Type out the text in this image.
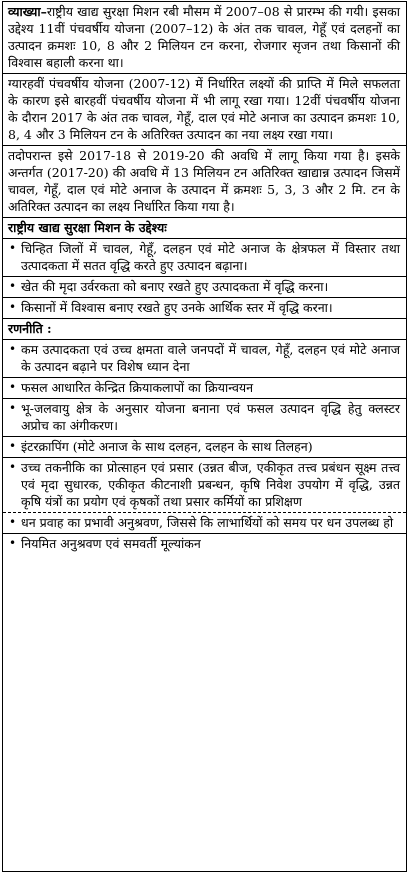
व्याख्या–राष्ट्रीय खाद्य सुरक्षा मिशन रबी मौसम में 2007–08 से प्रारम्भ की गयी। इसका उद्देश्य 11वीं पंचवर्षीय योजना (2007–12) के अंत तक चावल, गेहूँ एवं दलहनों का उत्पादन क्रमशः 10, 8 और 2 मिलियन टन करना, रोजगार सृजन तथा किसानों की विश्वास बहाली करना था।
ग्यारहवीं पंचवर्षीय योजना (2007-12) में निर्धारित लक्ष्यों की प्राप्ति में मिले सफलता के कारण इसे बारहवीं पंचवर्षीय योजना में भी लागू रखा गया। 12वीं पंचवर्षीय योजना के दौरान 2017 के अंत तक चावल, गेहूँ, दाल एवं मोटे अनाज का उत्पादन क्रमशः 10, 8, 4 और 3 मिलियन टन के अतिरिक्त उत्पादन का नया लक्ष्य रखा गया।
तदोपरान्त इसे 2017-18 से 2019-20 की अवधि में लागू किया गया है। इसके अन्तर्गत (2017-20) की अवधि में 13 मिलियन टन अतिरिक्त खाद्यान्न उत्पादन जिसमें चावल, गेहूँ, दाल एवं मोटे अनाज के उत्पादन में क्रमशः 5, 3, 3 और 2 मि. टन के अतिरिक्त उत्पादन का लक्ष्य निर्धारित किया गया है।
राष्ट्रीय खाद्य सुरक्षा मिशन के उद्देश्यः
• चिन्हित जिलों में चावल, गेहूँ, दलहन एवं मोटे अनाज के क्षेत्रफल में विस्तार तथा उत्पादकता में सतत वृद्धि करते हुए उत्पादन बढ़ाना।
• खेत की मृदा उर्वरकता को बनाए रखते हुए उत्पादकता में वृद्धि करना।
• किसानों में विश्वास बनाए रखते हुए उनके आर्थिक स्तर में वृद्धि करना।
रणनीति :
• कम उत्पादकता एवं उच्च क्षमता वाले जनपदों में चावल, गेहूँ, दलहन एवं मोटे अनाज के उत्पादन बढ़ाने पर विशेष ध्यान देना
• फसल आधारित केन्द्रित क्रियाकलापों का क्रियान्वयन
• भू-जलवायु क्षेत्र के अनुसार योजना बनाना एवं फसल उत्पादन वृद्धि हेतु क्लस्टर अप्रोच का अंगीकरण।
• इंटरक्रापिंग (मोटे अनाज के साथ दलहन, दलहन के साथ तिलहन)
• उच्च तकनीकि का प्रोत्साहन एवं प्रसार (उन्नत बीज, एकीकृत तत्त्व प्रबंधन सूक्ष्म तत्त्व एवं मृदा सुधारक, एकीकृत कीटनाशी प्रबन्धन, कृषि निवेश उपयोग में वृद्धि, उन्नत कृषि यंत्रों का प्रयोग एवं कृषकों तथा प्रसार कर्मियों का प्रशिक्षण
• धन प्रवाह का प्रभावी अनुश्रवण, जिससे कि लाभार्थियों को समय पर धन उपलब्ध हो
• नियमित अनुश्रवण एवं समवर्ती मूल्यांकन
